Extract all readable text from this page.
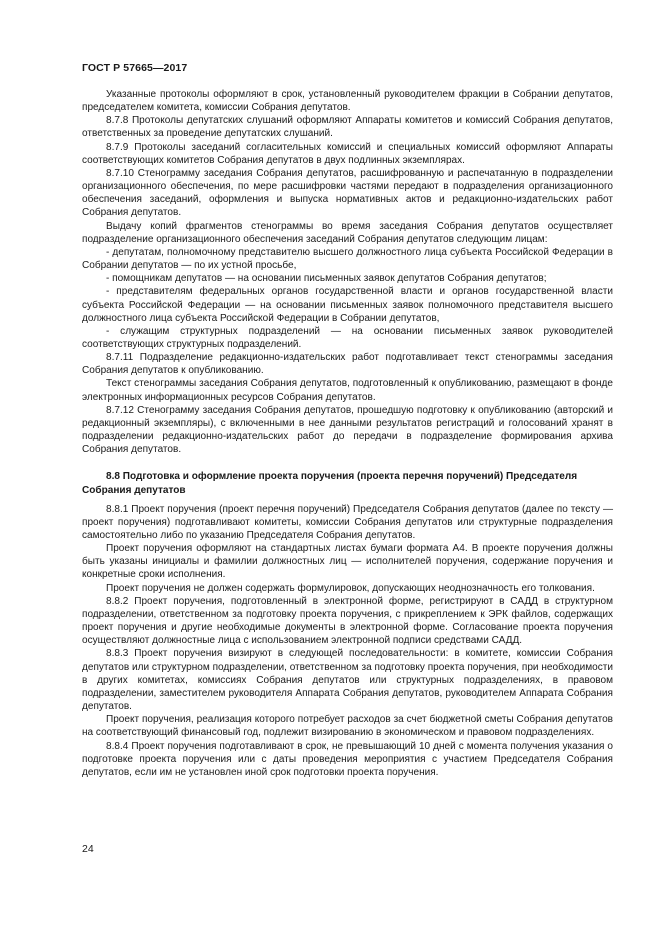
ГОСТ Р 57665—2017

Указанные протоколы оформляют в срок, установленный руководителем фракции в Собрании депутатов, председателем комитета, комиссии Собрания депутатов.

8.7.8 Протоколы депутатских слушаний оформляют Аппараты комитетов и комиссий Собрания депутатов, ответственных за проведение депутатских слушаний.

8.7.9 Протоколы заседаний согласительных комиссий и специальных комиссий оформляют Аппараты соответствующих комитетов Собрания депутатов в двух подлинных экземплярах.

8.7.10 Стенограмму заседания Собрания депутатов, расшифрованную и распечатанную в подразделении организационного обеспечения, по мере расшифровки частями передают в подразделения организационного обеспечения заседаний, оформления и выпуска нормативных актов и редакционно-издательских работ Собрания депутатов.

Выдачу копий фрагментов стенограммы во время заседания Собрания депутатов осуществляет подразделение организационного обеспечения заседаний Собрания депутатов следующим лицам:

- депутатам, полномочному представителю высшего должностного лица субъекта Российской Федерации в Собрании депутатов — по их устной просьбе,

- помощникам депутатов — на основании письменных заявок депутатов Собрания депутатов;

- представителям федеральных органов государственной власти и органов государственной власти субъекта Российской Федерации — на основании письменных заявок полномочного представителя высшего должностного лица субъекта Российской Федерации в Собрании депутатов,

- служащим структурных подразделений — на основании письменных заявок руководителей соответствующих структурных подразделений.

8.7.11 Подразделение редакционно-издательских работ подготавливает текст стенограммы заседания Собрания депутатов к опубликованию.

Текст стенограммы заседания Собрания депутатов, подготовленный к опубликованию, размещают в фонде электронных информационных ресурсов Собрания депутатов.

8.7.12 Стенограмму заседания Собрания депутатов, прошедшую подготовку к опубликованию (авторский и редакционный экземпляры), с включенными в нее данными результатов регистраций и голосований хранят в подразделении редакционно-издательских работ до передачи в подразделение формирования архива Собрания депутатов.

8.8 Подготовка и оформление проекта поручения (проекта перечня поручений) Председателя Собрания депутатов

8.8.1 Проект поручения (проект перечня поручений) Председателя Собрания депутатов (далее по тексту — проект поручения) подготавливают комитеты, комиссии Собрания депутатов или структурные подразделения самостоятельно либо по указанию Председателя Собрания депутатов.

Проект поручения оформляют на стандартных листах бумаги формата А4. В проекте поручения должны быть указаны инициалы и фамилии должностных лиц — исполнителей поручения, содержание поручения и конкретные сроки исполнения.

Проект поручения не должен содержать формулировок, допускающих неоднозначность его толкования.

8.8.2 Проект поручения, подготовленный в электронной форме, регистрируют в САДД в структурном подразделении, ответственном за подготовку проекта поручения, с прикреплением к ЭРК файлов, содержащих проект поручения и другие необходимые документы в электронной форме. Согласование проекта поручения осуществляют должностные лица с использованием электронной подписи средствами САДД.

8.8.3 Проект поручения визируют в следующей последовательности: в комитете, комиссии Собрания депутатов или структурном подразделении, ответственном за подготовку проекта поручения, при необходимости в других комитетах, комиссиях Собрания депутатов или структурных подразделениях, в правовом подразделении, заместителем руководителя Аппарата Собрания депутатов, руководителем Аппарата Собрания депутатов.

Проект поручения, реализация которого потребует расходов за счет бюджетной сметы Собрания депутатов на соответствующий финансовый год, подлежит визированию в экономическом и правовом подразделениях.

8.8.4 Проект поручения подготавливают в срок, не превышающий 10 дней с момента получения указания о подготовке проекта поручения или с даты проведения мероприятия с участием Председателя Собрания депутатов, если им не установлен иной срок подготовки проекта поручения.

24
